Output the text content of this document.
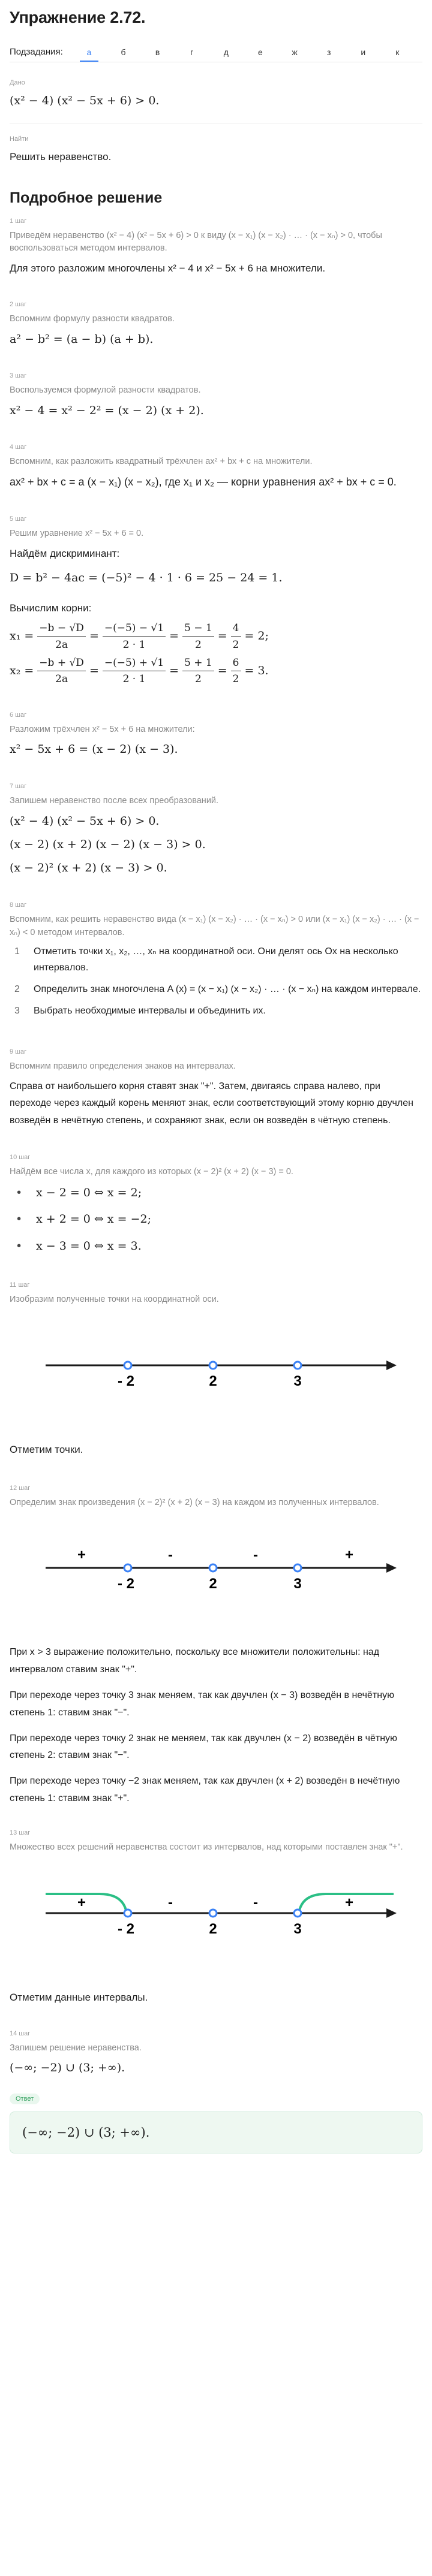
Упражнение 2.72.
Подзадания:	а	б	в	г	д	е	ж	з	и	к
Дано
(x² − 4) (x² − 5x + 6) > 0.
Найти
Решить неравенство.
Подробное решение
1 шаг
Приведём неравенство (x² − 4) (x² − 5x + 6) > 0 к виду (x − x₁) (x − x₂) · … · (x − xₙ) > 0, чтобы воспользоваться методом интервалов.
Для этого разложим многочлены x² − 4 и x² − 5x + 6 на множители.
2 шаг
Вспомним формулу разности квадратов.
a² − b² = (a − b) (a + b).
3 шаг
Воспользуемся формулой разности квадратов.
x² − 4 = x² − 2² = (x − 2) (x + 2).
4 шаг
Вспомним, как разложить квадратный трёхчлен ax² + bx + c на множители.
ax² + bx + c = a (x − x₁) (x − x₂), где x₁ и x₂ — корни уравнения ax² + bx + c = 0.
5 шаг
Решим уравнение x² − 5x + 6 = 0.
Найдём дискриминант:
D = b² − 4ac = (−5)² − 4 · 1 · 6 = 25 − 24 = 1.
Вычислим корни:
$x_1 = \frac{-b - √D}{2a} = \frac{-(-5) - √1}{2 \cdot 1} = \frac{5 - 1}{2} = \frac{4}{2} = 2$;
$x_2 = \frac{-b + √D}{2a} = \frac{-(-5) + √1}{2 \cdot 1} = \frac{5 + 1}{2} = \frac{6}{2} = 3$.
6 шаг
Разложим трёхчлен x² − 5x + 6 на множители:
x² − 5x + 6 = (x − 2) (x − 3).
7 шаг
Запишем неравенство после всех преобразований.
(x² − 4) (x² − 5x + 6) > 0.
(x − 2) (x + 2) (x − 2) (x − 3) > 0.
(x − 2)² (x + 2) (x − 3) > 0.
8 шаг
Вспомним, как решить неравенство вида (x − x₁) (x − x₂) · … · (x − xₙ) > 0 или (x − x₁) (x − x₂) · … · (x − xₙ) < 0 методом интервалов.
1	Отметить точки x₁, x₂, …, xₙ на координатной оси. Они делят ось Ox на несколько интервалов.
2	Определить знак многочлена A (x) = (x − x₁) (x − x₂) · … · (x − xₙ) на каждом интервале.
3	Выбрать необходимые интервалы и объединить их.
9 шаг
Вспомним правило определения знаков на интервалах.
Справа от наибольшего корня ставят знак "+". Затем, двигаясь справа налево, при переходе через каждый корень меняют знак, если соответствующий этому корню двучлен возведён в нечётную степень, и сохраняют знак, если он возведён в чётную степень.
10 шаг
Найдём все числа x, для каждого из которых (x − 2)² (x + 2) (x − 3) = 0.
•	x − 2 = 0 ⇔ x = 2;
•	x + 2 = 0 ⇔ x = −2;
•	x − 3 = 0 ⇔ x = 3.
11 шаг
Изобразим полученные точки на координатной оси.
- 2	2	3
Отметим точки.
12 шаг
Определим знак произведения (x − 2)² (x + 2) (x − 3) на каждом из полученных интервалов.
+	-	-	+
- 2	2	3
При x > 3 выражение положительно, поскольку все множители положительны: над интервалом ставим знак "+".
При переходе через точку 3 знак меняем, так как двучлен (x − 3) возведён в нечётную степень 1: ставим знак "−".
При переходе через точку 2 знак не меняем, так как двучлен (x − 2) возведён в чётную степень 2: ставим знак "−".
При переходе через точку −2 знак меняем, так как двучлен (x + 2) возведён в нечётную степень 1: ставим знак "+".
13 шаг
Множество всех решений неравенства состоит из интервалов, над которыми поставлен знак "+".
+	-	-	+
- 2	2	3
Отметим данные интервалы.
14 шаг
Запишем решение неравенства.
(−∞; −2) ∪ (3; +∞).
Ответ
(−∞; −2) ∪ (3; +∞).
